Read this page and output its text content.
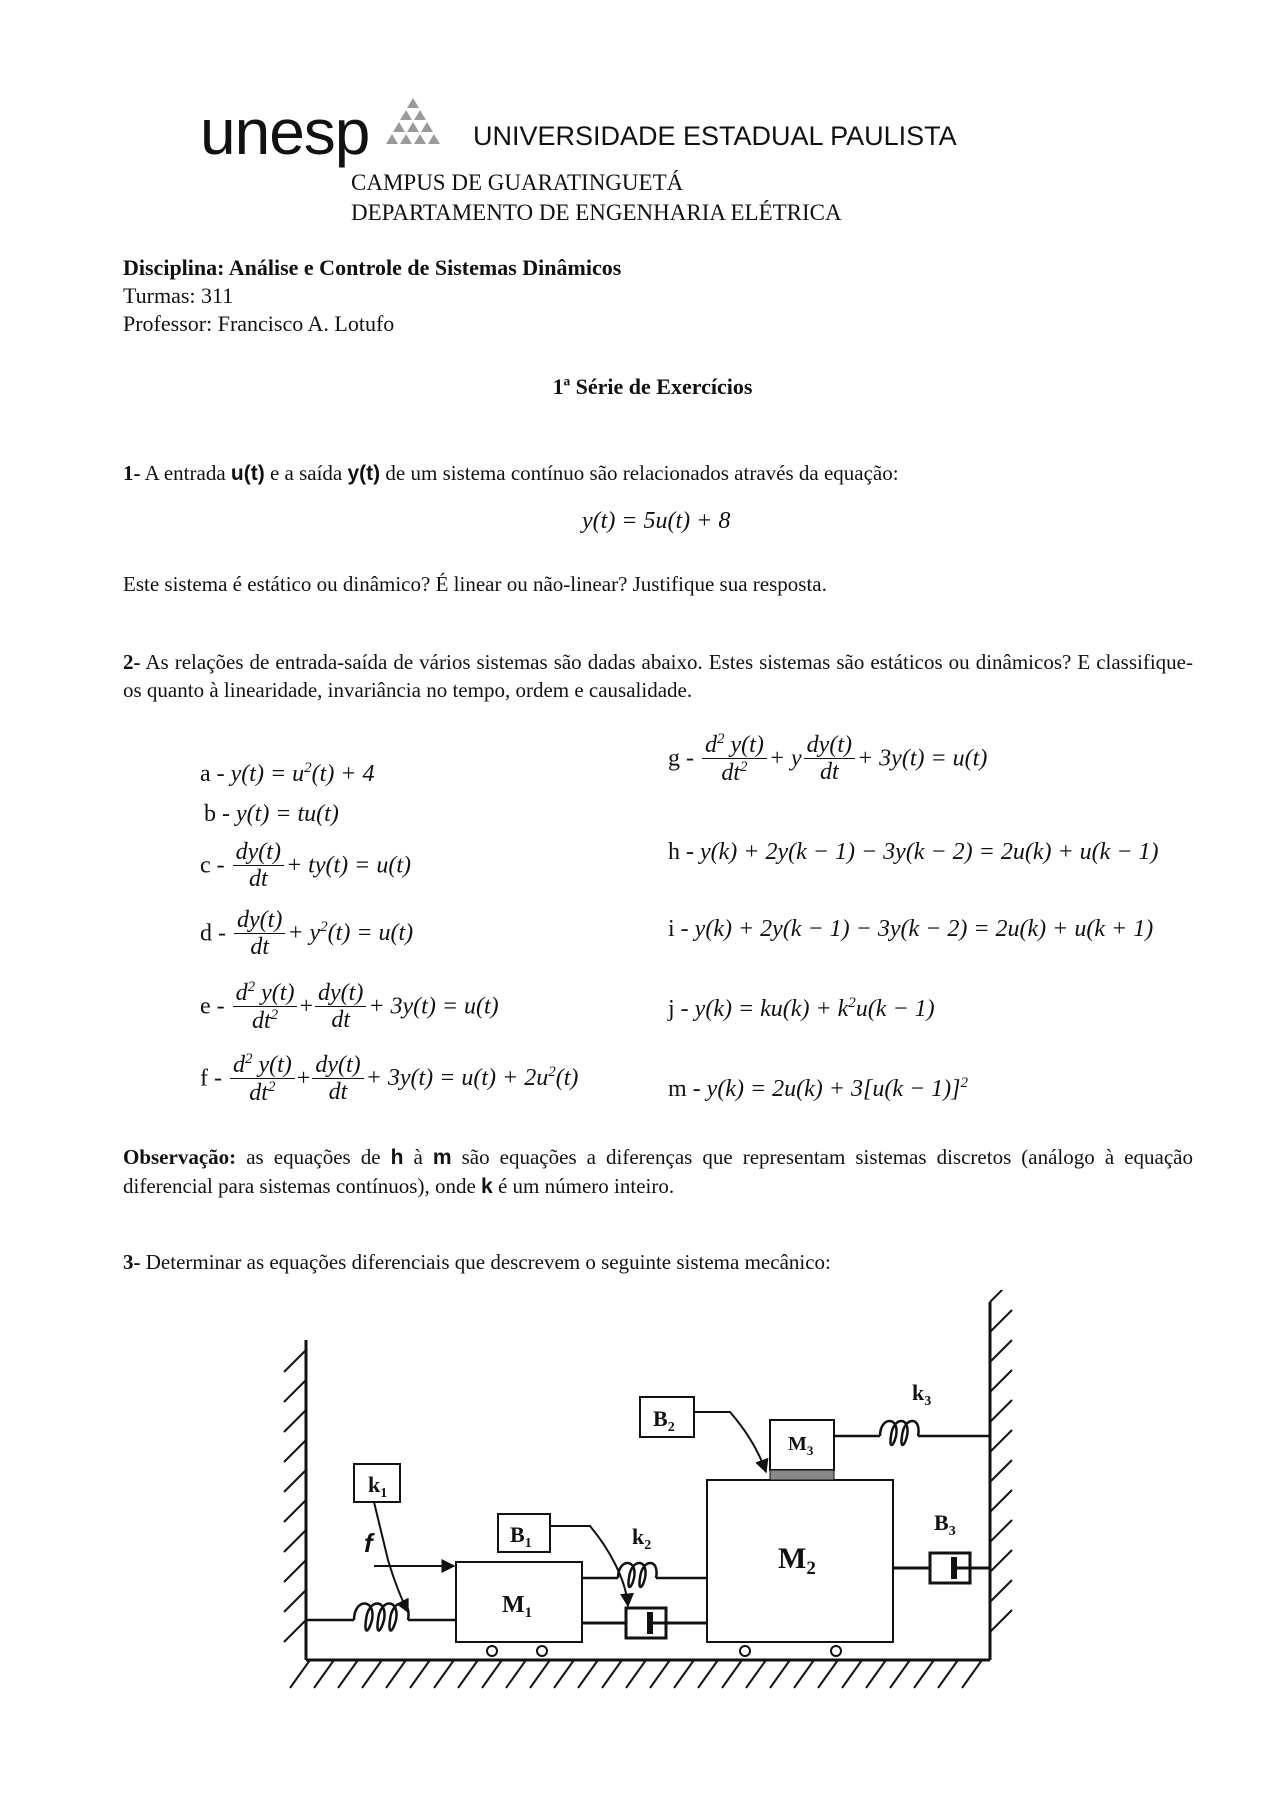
unesp	UNIVERSIDADE ESTADUAL PAULISTA
CAMPUS DE GUARATINGUETÁ
DEPARTAMENTO DE ENGENHARIA ELÉTRICA
Disciplina: Análise e Controle de Sistemas Dinâmicos
Turmas: 311
Professor: Francisco A. Lotufo
1ª Série de Exercícios
1- A entrada u(t) e a saída y(t) de um sistema contínuo são relacionados através da equação:
y(t) = 5u(t) + 8
Este sistema é estático ou dinâmico? É linear ou não-linear? Justifique sua resposta.
2- As relações de entrada-saída de vários sistemas são dadas abaixo. Estes sistemas são estáticos ou dinâmicos? E classifique-os quanto à linearidade, invariância no tempo, ordem e causalidade.
$a - y(t) = u^2(t) + 4$
b - y(t) = tu(t)
$c - \frac{dy(t)}{dt} + ty(t) = u(t)$
$d - \frac{dy(t)}{dt} + y^2(t) = u(t)$
$e - \frac{d^2 y(t)}{dt^2} + \frac{dy(t)}{dt} + 3y(t) = u(t)$
$f - \frac{d^2 y(t)}{dt^2} + \frac{dy(t)}{dt} + 3y(t) = u(t) + 2u^2(t)$
$g - \frac{d^2 y(t)}{dt^2} + y \frac{dy(t)}{dt} + 3y(t) = u(t)$
h - y(k) + 2y(k − 1) − 3y(k − 2) = 2u(k) + u(k − 1)
i - y(k) + 2y(k − 1) − 3y(k − 2) = 2u(k) + u(k + 1)
$j - y(k) = ku(k) + k^2u(k - 1)$
$m - y(k) = 2u(k) + 3[u(k - 1)]^2$
Observação: as equações de h à m são equações a diferenças que representam sistemas discretos (análogo à equação diferencial para sistemas contínuos), onde k é um número inteiro.
3- Determinar as equações diferenciais que descrevem o seguinte sistema mecânico:
$k_1$
$B_1$
$B_2$
$k_2$
$k_3$
$B_3$
$M_1$
$M_2$
$M_3$
f
